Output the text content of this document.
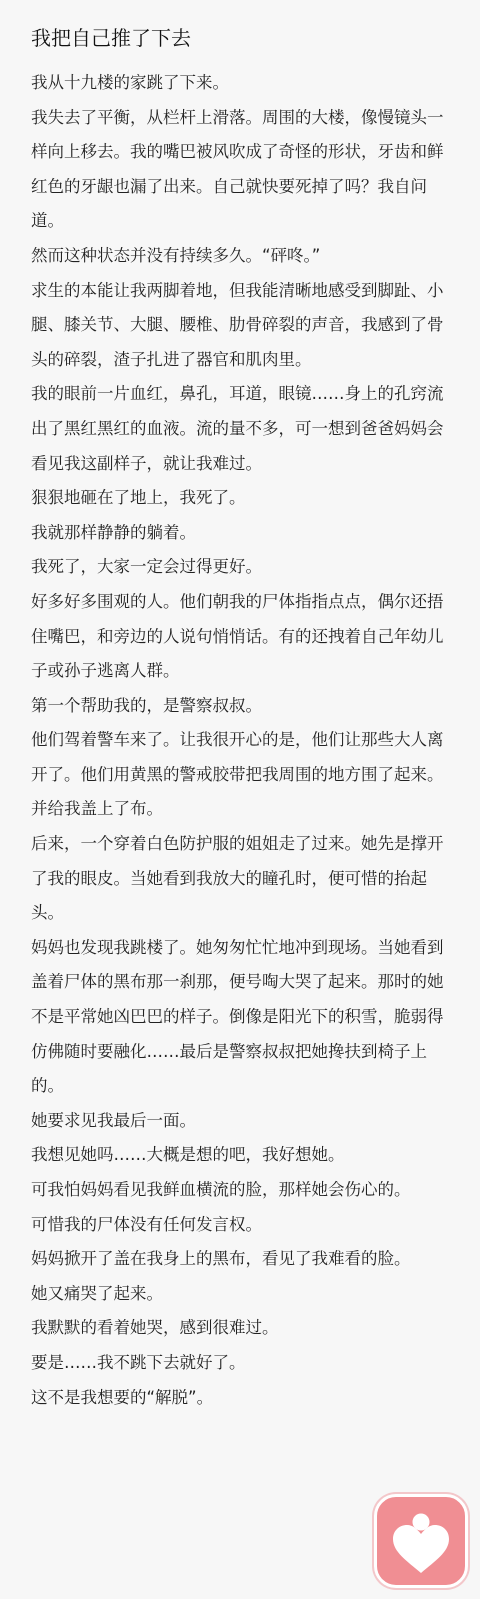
我把自己推了下去

我从十九楼的家跳了下来。

我失去了平衡，从栏杆上滑落。周围的大楼，像慢镜头一样向上移去。我的嘴巴被风吹成了奇怪的形状，牙齿和鲜红色的牙龈也漏了出来。自己就快要死掉了吗？我自问道。

然而这种状态并没有持续多久。“砰咚。”

求生的本能让我两脚着地，但我能清晰地感受到脚趾、小腿、膝关节、大腿、腰椎、肋骨碎裂的声音，我感到了骨头的碎裂，渣子扎进了器官和肌肉里。

我的眼前一片血红，鼻孔，耳道，眼镜……身上的孔窍流出了黑红黑红的血液。流的量不多，可一想到爸爸妈妈会看见我这副样子，就让我难过。

狠狠地砸在了地上，我死了。

我就那样静静的躺着。

我死了，大家一定会过得更好。

好多好多围观的人。他们朝我的尸体指指点点，偶尔还捂住嘴巴，和旁边的人说句悄悄话。有的还拽着自己年幼儿子或孙子逃离人群。

第一个帮助我的，是警察叔叔。

他们驾着警车来了。让我很开心的是，他们让那些大人离开了。他们用黄黑的警戒胶带把我周围的地方围了起来。并给我盖上了布。

后来，一个穿着白色防护服的姐姐走了过来。她先是撑开了我的眼皮。当她看到我放大的瞳孔时，便可惜的抬起头。

妈妈也发现我跳楼了。她匆匆忙忙地冲到现场。当她看到盖着尸体的黑布那一刹那，便号啕大哭了起来。那时的她不是平常她凶巴巴的样子。倒像是阳光下的积雪，脆弱得仿佛随时要融化……最后是警察叔叔把她搀扶到椅子上的。

她要求见我最后一面。

我想见她吗……大概是想的吧，我好想她。

可我怕妈妈看见我鲜血横流的脸，那样她会伤心的。

可惜我的尸体没有任何发言权。

妈妈掀开了盖在我身上的黑布，看见了我难看的脸。

她又痛哭了起来。

我默默的看着她哭，感到很难过。

要是……我不跳下去就好了。

这不是我想要的“解脱”。
